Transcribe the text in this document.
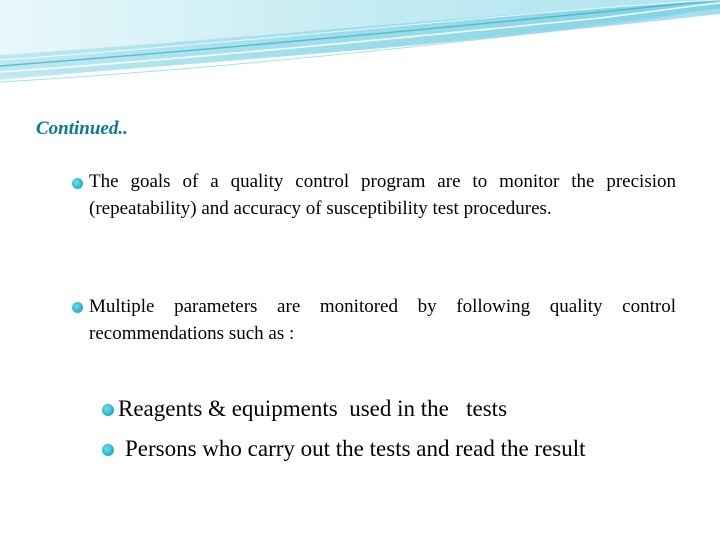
Continued..

The goals of a quality control program are to monitor the precision (repeatability) and accuracy of susceptibility test procedures.

Multiple parameters are monitored by following quality control recommendations such as :

Reagents & equipments  used in the   tests

Persons who carry out the tests and read the result
